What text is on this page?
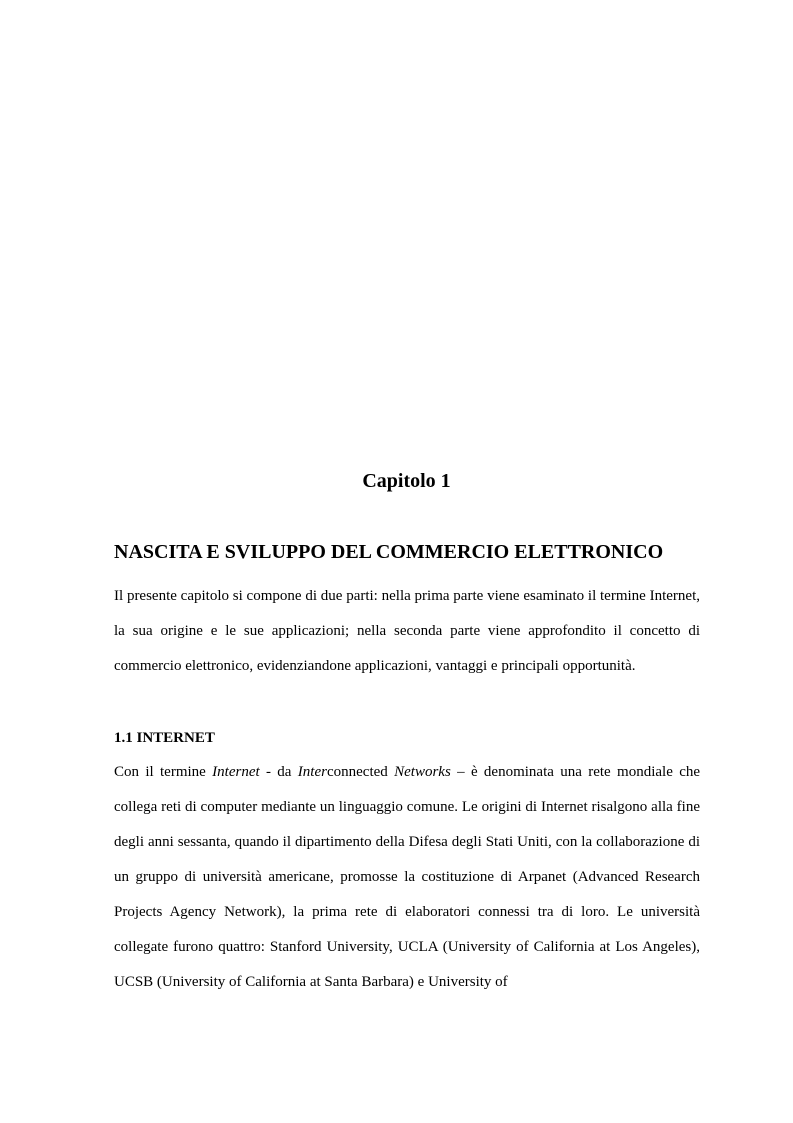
Capitolo 1
NASCITA E SVILUPPO DEL COMMERCIO ELETTRONICO

Il presente capitolo si compone di due parti: nella prima parte viene esaminato il termine Internet, la sua origine e le sue applicazioni; nella seconda parte viene approfondito il concetto di commercio elettronico, evidenziandone applicazioni, vantaggi e principali opportunità.

1.1 INTERNET

Con il termine Internet - da Interconnected Networks – è denominata una rete mondiale che collega reti di computer mediante un linguaggio comune. Le origini di Internet risalgono alla fine degli anni sessanta, quando il dipartimento della Difesa degli Stati Uniti, con la collaborazione di un gruppo di università americane, promosse la costituzione di Arpanet (Advanced Research Projects Agency Network), la prima rete di elaboratori connessi tra di loro. Le università collegate furono quattro: Stanford University, UCLA (University of California at Los Angeles), UCSB (University of California at Santa Barbara) e University of
